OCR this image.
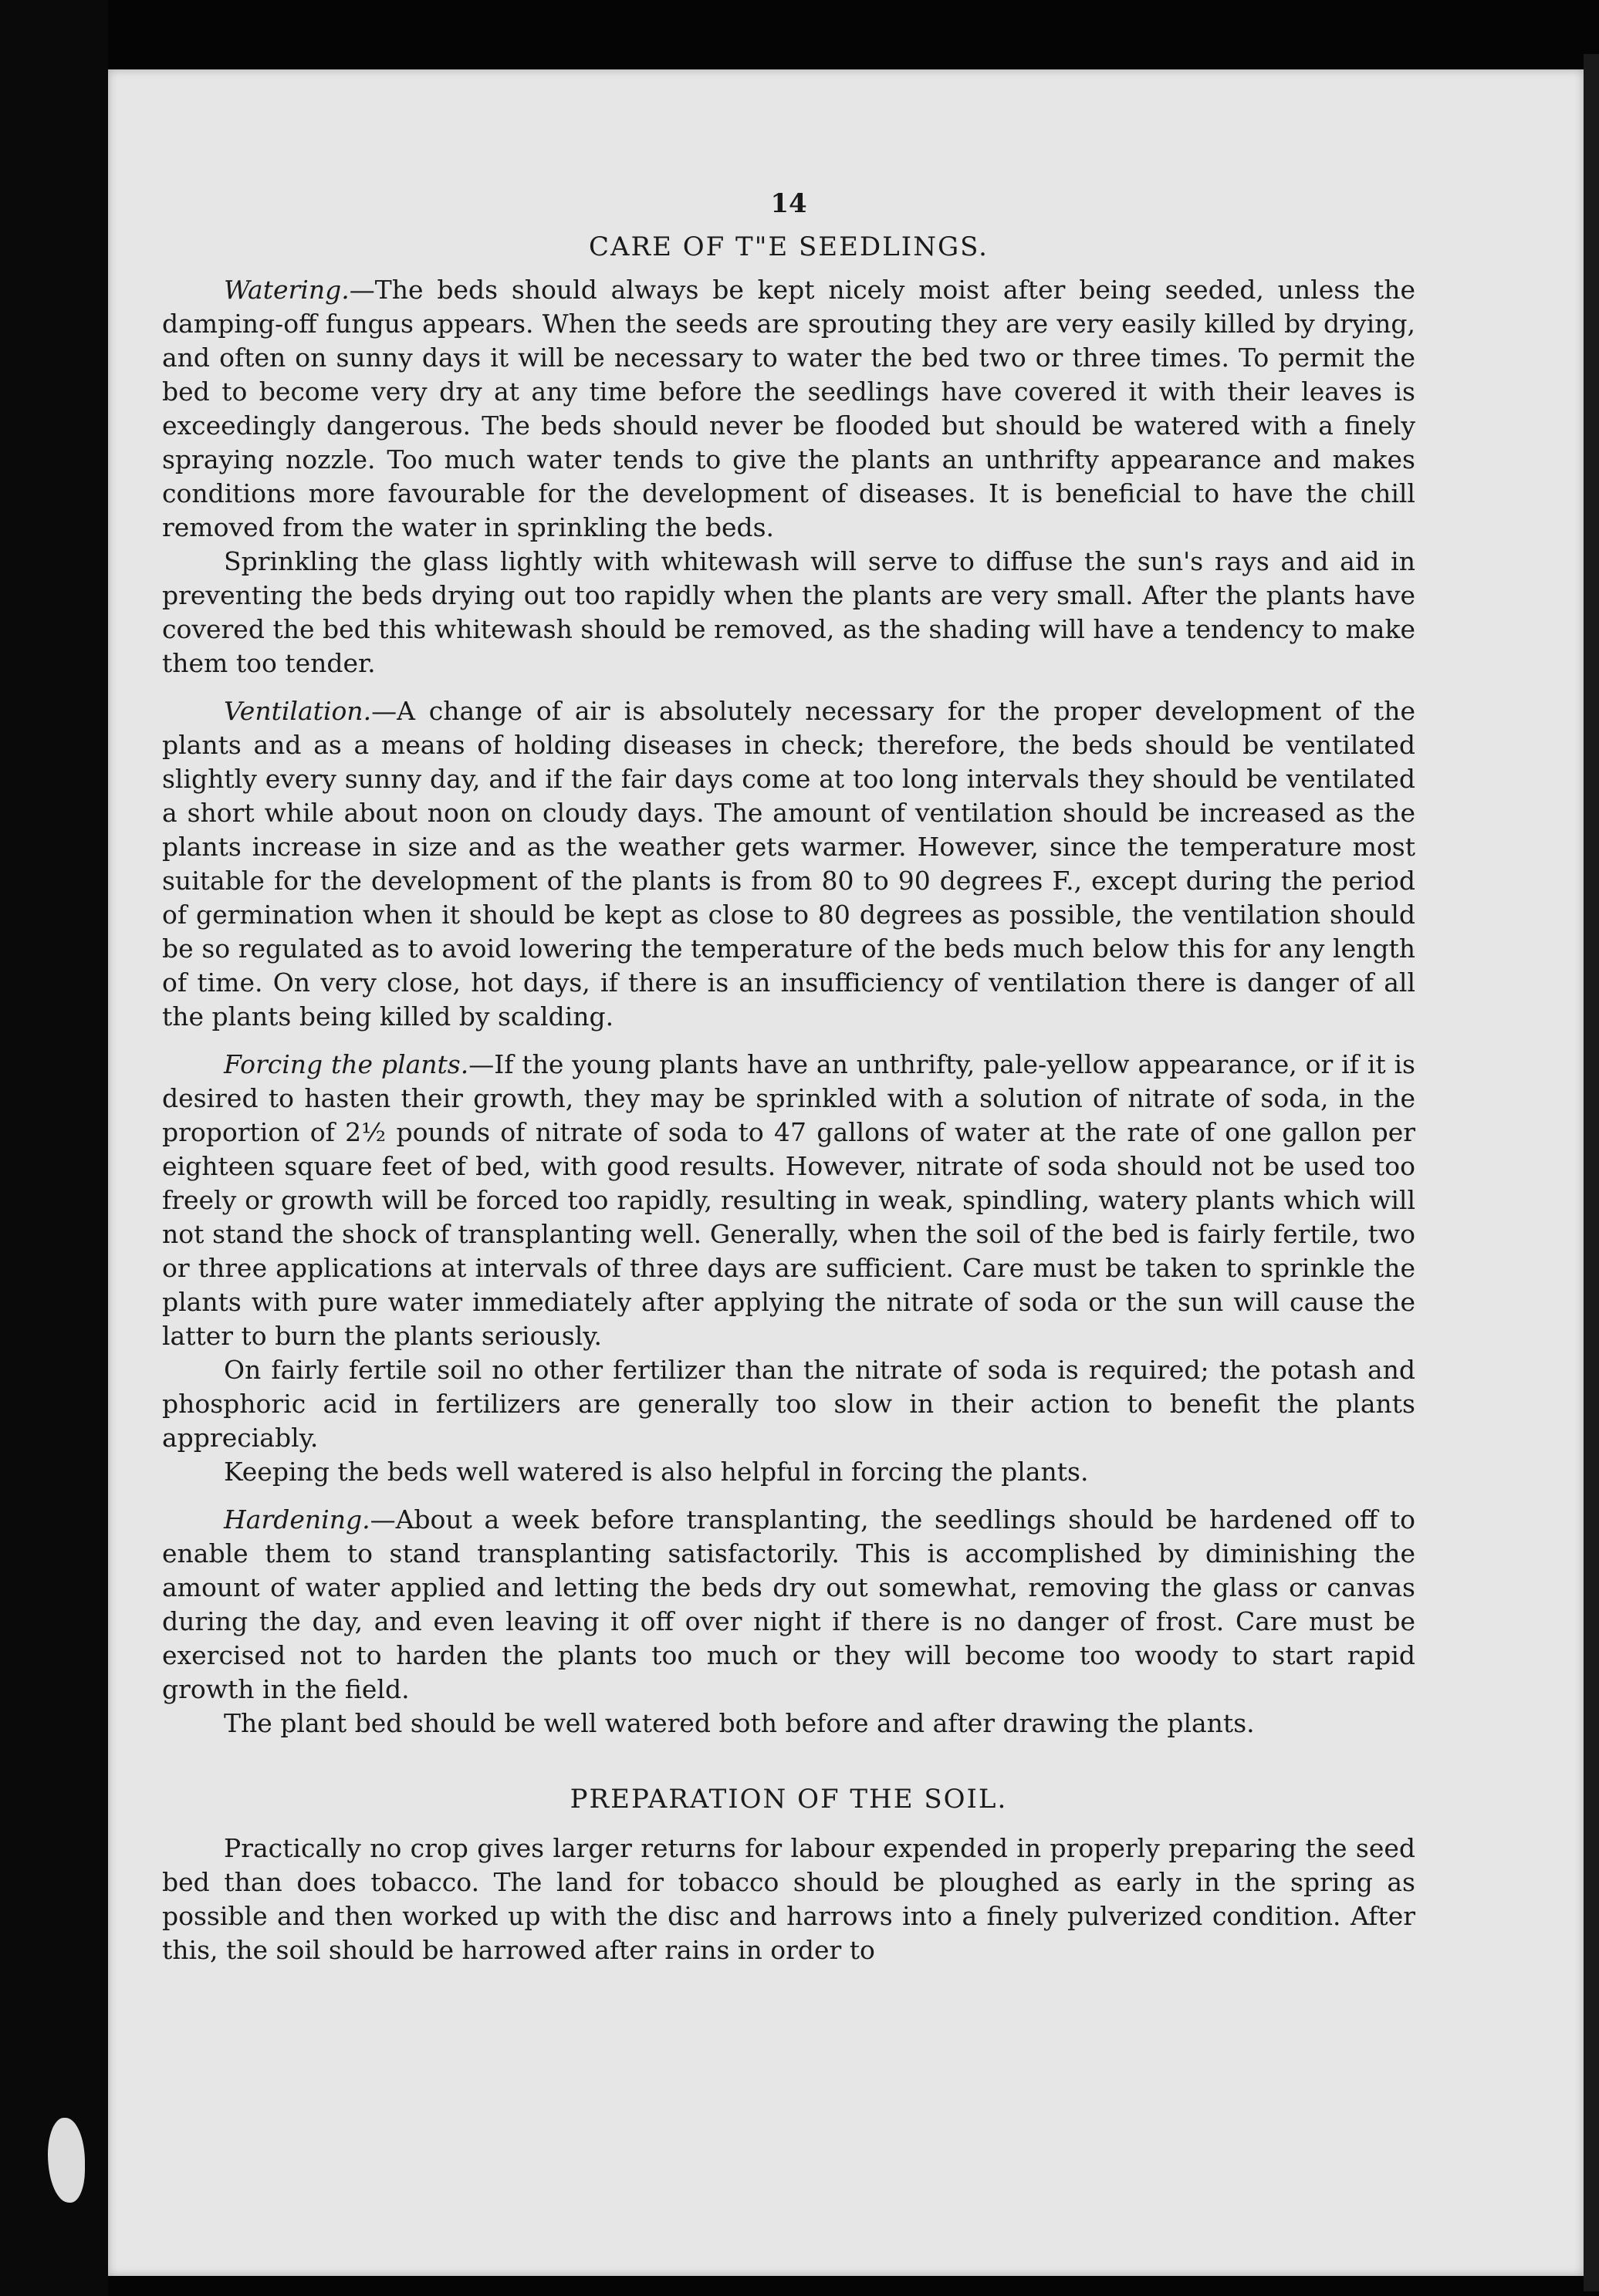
14
CARE OF T"E SEEDLINGS.

Watering.—The beds should always be kept nicely moist after being seeded, unless the damping-off fungus appears. When the seeds are sprouting they are very easily killed by drying, and often on sunny days it will be necessary to water the bed two or three times. To permit the bed to become very dry at any time before the seedlings have covered it with their leaves is exceedingly dangerous. The beds should never be flooded but should be watered with a finely spraying nozzle. Too much water tends to give the plants an unthrifty appearance and makes conditions more favourable for the development of diseases. It is beneficial to have the chill removed from the water in sprinkling the beds.

Sprinkling the glass lightly with whitewash will serve to diffuse the sun's rays and aid in preventing the beds drying out too rapidly when the plants are very small. After the plants have covered the bed this whitewash should be removed, as the shading will have a tendency to make them too tender.

Ventilation.—A change of air is absolutely necessary for the proper development of the plants and as a means of holding diseases in check; therefore, the beds should be ventilated slightly every sunny day, and if the fair days come at too long intervals they should be ventilated a short while about noon on cloudy days. The amount of ventilation should be increased as the plants increase in size and as the weather gets warmer. However, since the temperature most suitable for the development of the plants is from 80 to 90 degrees F., except during the period of germination when it should be kept as close to 80 degrees as possible, the ventilation should be so regulated as to avoid lowering the temperature of the beds much below this for any length of time. On very close, hot days, if there is an insufficiency of ventilation there is danger of all the plants being killed by scalding.

Forcing the plants.—If the young plants have an unthrifty, pale-yellow appearance, or if it is desired to hasten their growth, they may be sprinkled with a solution of nitrate of soda, in the proportion of 2½ pounds of nitrate of soda to 47 gallons of water at the rate of one gallon per eighteen square feet of bed, with good results. However, nitrate of soda should not be used too freely or growth will be forced too rapidly, resulting in weak, spindling, watery plants which will not stand the shock of transplanting well. Generally, when the soil of the bed is fairly fertile, two or three applications at intervals of three days are sufficient. Care must be taken to sprinkle the plants with pure water immediately after applying the nitrate of soda or the sun will cause the latter to burn the plants seriously.

On fairly fertile soil no other fertilizer than the nitrate of soda is required; the potash and phosphoric acid in fertilizers are generally too slow in their action to benefit the plants appreciably.

Keeping the beds well watered is also helpful in forcing the plants.

Hardening.—About a week before transplanting, the seedlings should be hardened off to enable them to stand transplanting satisfactorily. This is accomplished by diminishing the amount of water applied and letting the beds dry out somewhat, removing the glass or canvas during the day, and even leaving it off over night if there is no danger of frost. Care must be exercised not to harden the plants too much or they will become too woody to start rapid growth in the field.

The plant bed should be well watered both before and after drawing the plants.

PREPARATION OF THE SOIL.

Practically no crop gives larger returns for labour expended in properly preparing the seed bed than does tobacco. The land for tobacco should be ploughed as early in the spring as possible and then worked up with the disc and harrows into a finely pulverized condition. After this, the soil should be harrowed after rains in order to
